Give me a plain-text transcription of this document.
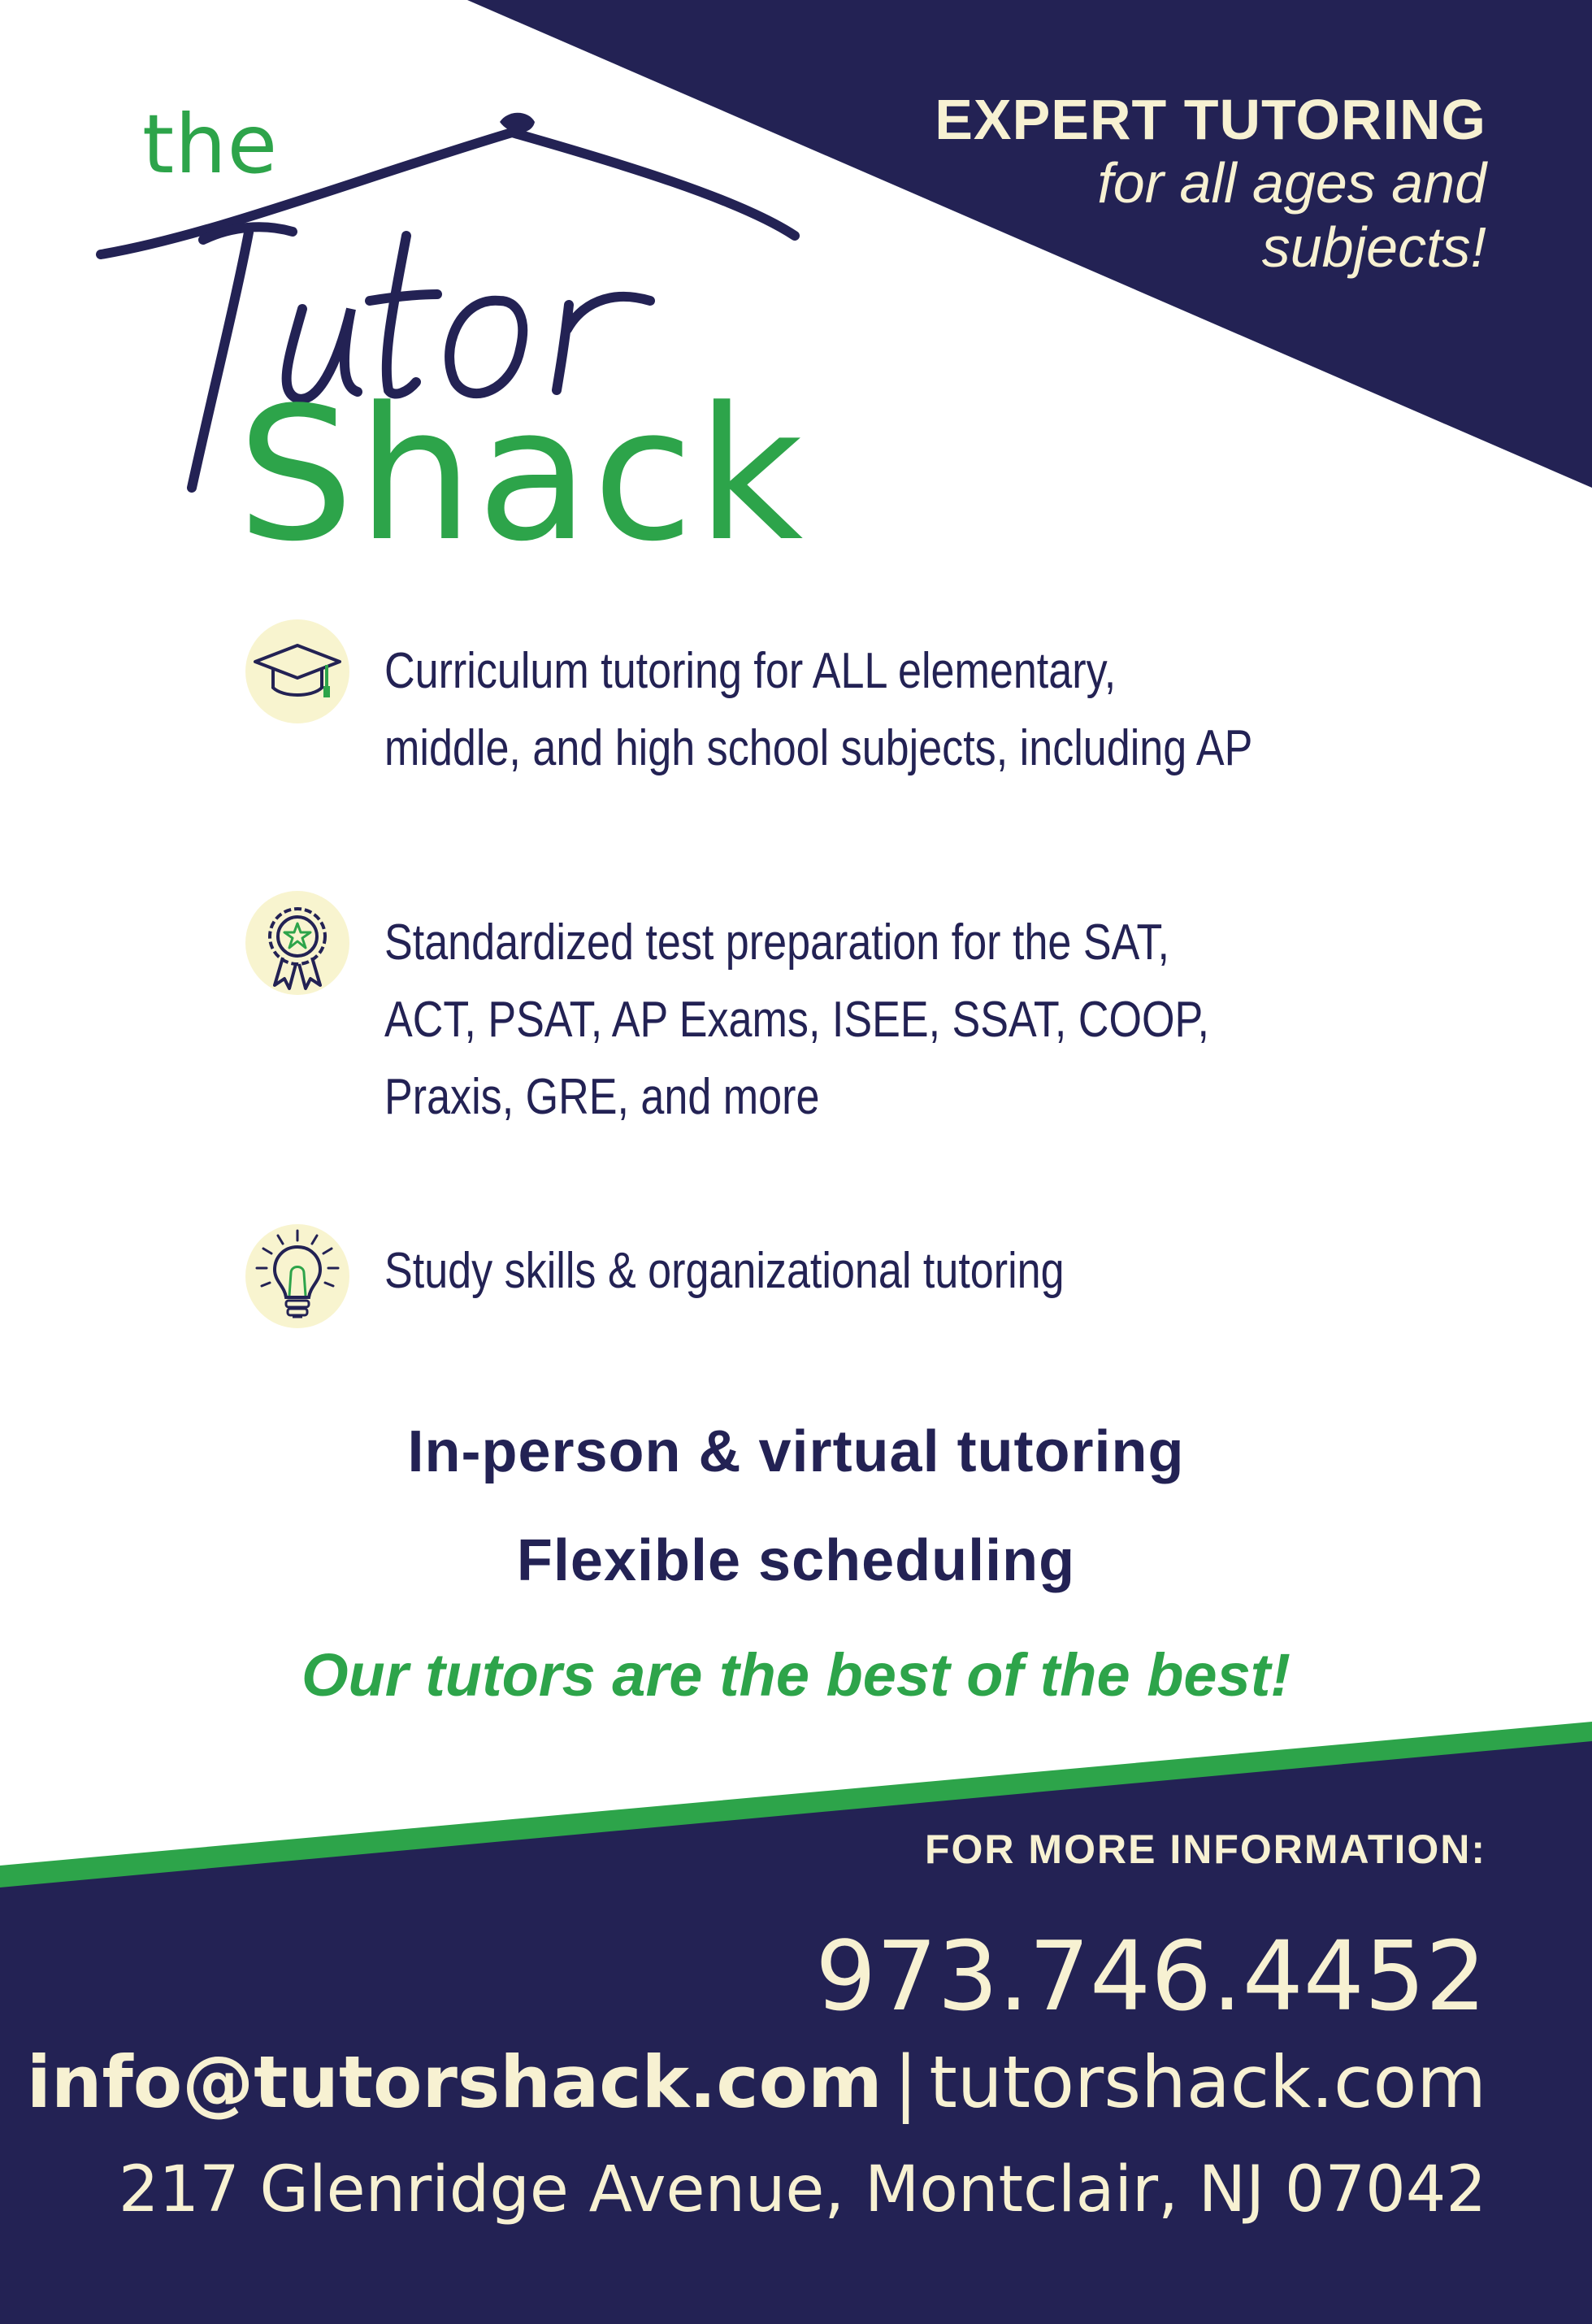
the
Shack
EXPERT TUTORING
for all ages and
subjects!
Curriculum tutoring for ALL elementary,
middle, and high school subjects, including AP
Standardized test preparation for the SAT,
ACT, PSAT, AP Exams, ISEE, SSAT, COOP,
Praxis, GRE, and more
Study skills & organizational tutoring
In-person & virtual tutoring
Flexible scheduling
Our tutors are the best of the best!
FOR MORE INFORMATION:
973.746.4452
info@tutorshack.com | tutorshack.com
217 Glenridge Avenue, Montclair, NJ 07042
